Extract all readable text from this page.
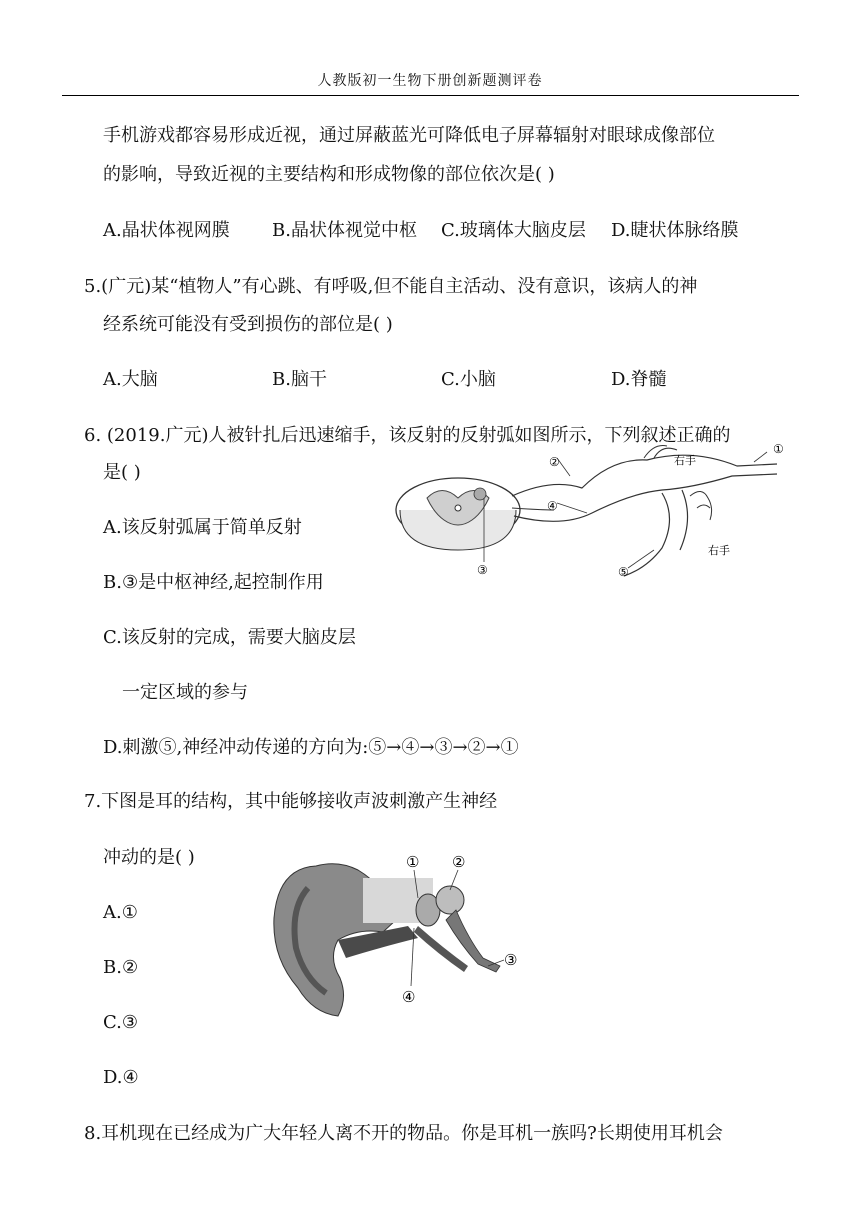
人教版初一生物下册创新题测评卷
手机游戏都容易形成近视，通过屏蔽蓝光可降低电子屏幕辐射对眼球成像部位
的影响，导致近视的主要结构和形成物像的部位依次是( )
A.晶状体视网膜 B.晶状体视觉中枢 C.玻璃体大脑皮层 D.睫状体脉络膜
5.(广元)某“植物人”有心跳、有呼吸,但不能自主活动、没有意识，该病人的神
经系统可能没有受到损伤的部位是( )
A.大脑	B.脑干	C.小脑	D.脊髓
6. (2019.广元)人被针扎后迅速缩手，该反射的反射弧如图所示，下列叙述正确的
是( )
A.该反射弧属于简单反射
B.③是中枢神经,起控制作用
C.该反射的完成，需要大脑皮层
一定区域的参与
D.刺激⑤,神经冲动传递的方向为:⑤→④→③→②→①
①
②
③
④
⑤
右手
右手
7.下图是耳的结构，其中能够接收声波刺激产生神经
冲动的是( )
A.①
B.②
C.③
D.④
① ②
③
④
8.耳机现在已经成为广大年轻人离不开的物品。你是耳机一族吗?长期使用耳机会
